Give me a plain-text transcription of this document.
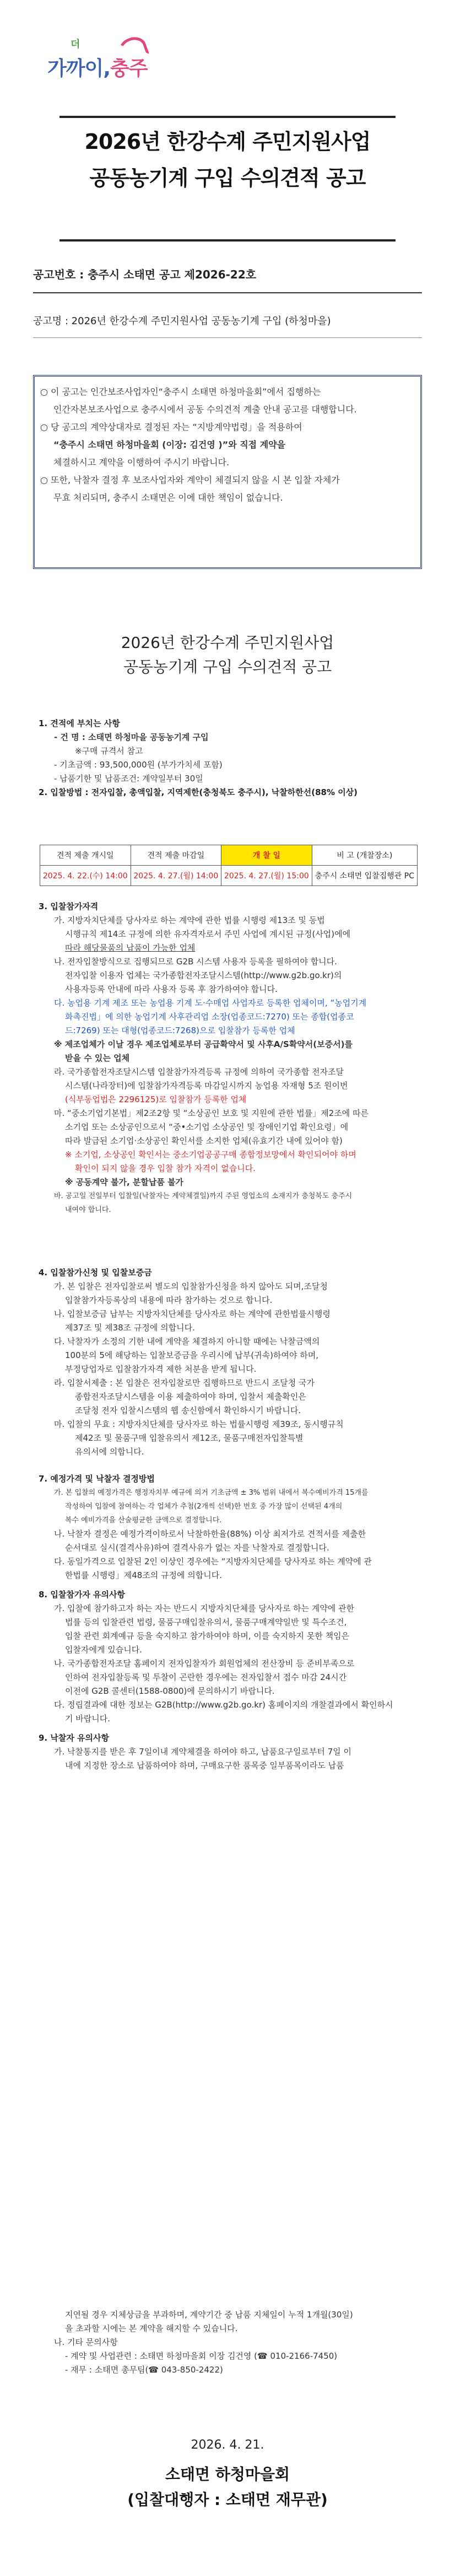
더
가까이,충주
2026년 한강수계 주민지원사업
공동농기계 구입 수의견적 공고
공고번호 : 충주시 소태면 공고 제2026-22호
공고명 : 2026년 한강수계 주민지원사업 공동농기계 구입 (하청마을)

○ 이 공고는 인간보조사업자인“충주시 소태면 하청마을회”에서 집행하는

인간자본보조사업으로 충주시에서 공동 수의견적 계출 안내 공고를 대행합니다.

○ 당 공고의 계약상대자로 결정된 자는 “지방계약법령」을 적용하여

“충주시 소태면 하청마을회 (이장: 김건영 )”와 직접 계약을

체결하시고 계약을 이행하여 주시기 바랍니다.

○ 또한, 낙찰자 결정 후 보조사업자와 계약이 체결되지 않을 시 본 입찰 자체가

무효 처리되며, 충주시 소태면은 이에 대한 책임이 없습니다.

2026년 한강수계 주민지원사업
공동농기계 구입 수의견적 공고

1. 견적에 부치는 사항

- 건 명 : 소태면 하청마을 공동농기계 구입

※구매 규격서 참고

- 기초금액 : 93,500,000원 (부가가치세 포함)

- 납품기한 및 납품조건: 계약일부터 30일

2. 입찰방법 : 전자입찰, 총액입찰, 지역제한(충청북도 충주시), 낙찰하한선(88% 이상)

견적 제출 개시일	견적 제출 마감일	개 찰 일	비 고 (개찰장소)
2025. 4. 22.(수) 14:00	2025. 4. 27.(월) 14:00	2025. 4. 27.(월) 15:00	충주시 소태면 입찰집행관 PC

3. 입찰참가자격

가. 지방자치단체를 당사자로 하는 계약에 관한 법률 시행령 제13조 및 동법

시행규칙 제14조 규정에 의한 유자격자로서 주민 사업에 계시된 규정(사업)에에

따라 해당물품의 납품이 가능한 업체

나. 전자입찰방식으로 집행되므로 G2B 시스템 사용자 등록을 필하여야 합니다.

전자입찰 이용자 업체는 국가종합전자조달시스템(http://www.g2b.go.kr)의

사용자등록 안내에 따라 사용자 등록 후 참가하여야 합니다.

다. 농업용 기계 제조 또는 농업용 기계 도·수매업 사업자로 등록한 업체이며, “농업기계

화촉진법」에 의한 농업기계 사후관리업 소장(업종코드:7270) 또는 종합(업종코

드:7269) 또는 대형(업종코드:7268)으로 입찰참가 등록한 업체

※ 제조업체가 이날 경우 제조업체로부터 공급확약서 및 사후A/S확약서(보증서)를

받을 수 있는 업체

라. 국가종합전자조달시스템 입찰참가자격등록 규정에 의하여 국가종합 전자조달

시스템(나라장터)에 입찰참가자격등록 마감일시까지 농업용 자재형 5조 원이번

(식부동업법은 2296125)로 입찰참가 등록한 업체

마. “중소기업기본법」제2조2항 및 “소상공인 보호 및 지원에 관한 법률」제2조에 따른

소기업 또는 소상공인으로서 “중•소기업 소상공인 및 장애인기업 확인요령」에

따라 발급된 소기업·소상공인 확인서를 소지한 업체(유효기간 내에 있어야 함)

※ 소기업, 소상공인 확인서는 중소기업공공구매 종합정보망에서 확인되어야 하며

확인이 되지 않을 경우 입찰 참가 자격이 없습니다.

※ 공동계약 불가, 분할납품 불가

바. 공고일 전일부터 입찰일(낙찰자는 계약체결일)까지 주된 영업소의 소재지가 충청북도 충주시

내여야 합니다.

4. 입찰참가신청 및 입찰보증금

가. 본 입찰은 전자입찰로써 별도의 입찰참가신청을 하지 않아도 되며,조달청

입찰참가자등록상의 내용에 따라 참가하는 것으로 합니다.

나. 입찰보증금 납부는 지방자치단체를 당사자로 하는 계약에 관한법률시행령

제37조 및 제38조 규정에 의합니다.

다. 낙찰자가 소정의 기한 내에 계약을 체결하지 아니할 때에는 낙찰금액의

100분의 5에 해당하는 입찰보증금을 우리시에 납부(귀속)하여야 하며,

부정당업자로 입찰참가자격 제한 처분을 받게 됩니다.

라. 입찰서제출 : 본 입찰은 전자입찰로만 집행하므로 반드시 조달청 국가

종합전자조달시스템을 이용 제출하여야 하며, 입찰서 제출확인은

조달청 전자 입찰시스템의 웹 송신함에서 확인하시기 바랍니다.

마. 입찰의 무효 : 지방자치단체를 당사자로 하는 법률시행령 제39조, 동시행규칙

제42조 및 물품구매 입찰유의서 제12조, 물품구매전자입찰특별

유의서에 의합니다.

7. 예정가격 및 낙찰자 결정방법

가. 본 입찰의 예정가격은 행정자치부 예규에 의거 기초금액 ± 3% 범위 내에서 복수예비가격 15개를

작성하여 입찰에 참여하는 각 업체가 추첨(2개씩 선택)한 번호 중 가장 많이 선택된 4개의

복수 예비가격을 산술평균한 금액으로 결정합니다.

나. 낙찰자 결정은 예정가격이하로서 낙찰하한율(88%) 이상 최저가로 견적서를 제출한

순서대로 실시(결격사유)하여 결격사유가 없는 자를 낙찰자로 결정합니다.

다. 동일가격으로 입찰된 2인 이상인 경우에는 “지방자치단체를 당사자로 하는 계약에 관

한법률 시행령」제48조의 규정에 의합니다.

8. 입찰참가자 유의사항

가. 입찰에 참가하고자 하는 자는 반드시 지방자치단체를 당사자로 하는 계약에 관한

법률 등의 입찰관련 법령, 물품구매입찰유의서, 물품구매계약일반 및 특수조건,

입찰 관련 회계예규 등을 숙지하고 참가하여야 하며, 이를 숙지하지 못한 책임은

입찰자에게 있습니다.

나. 국가종합전자조달 홈페이지 전자입찰자가 회원업체의 전산장비 등 준비부족으로

인하여 전자입찰등록 및 투찰이 곤란한 경우에는 전자입찰서 접수 마감 24시간

이전에 G2B 콜센터(1588-0800)에 문의하시기 바랍니다.

다. 정립결과에 대한 정보는 G2B(http://www.g2b.go.kr) 홈페이지의 개찰결과에서 확인하시

기 바랍니다.

9. 낙찰자 유의사항

가. 낙찰통지를 받은 후 7일이내 계약체결을 하여야 하고, 납품요구일로부터 7일 이

내에 지정한 장소로 납품하여야 하며, 구매요구한 품목중 일부품목이라도 납품

지연될 경우 지체상금을 부과하며, 계약기간 중 납품 지체일이 누적 1개월(30일)

을 초과할 시에는 본 계약을 해지할 수 있습니다.

나. 기타 문의사항

- 계약 및 사업관련 : 소태면 하청마을회 이장 김건영 (☎ 010-2166-7450)

- 재무 : 소태면 총무팀(☎ 043-850-2422)

2026. 4. 21.
소태면 하청마을회
(입찰대행자 : 소태면 재무관)
